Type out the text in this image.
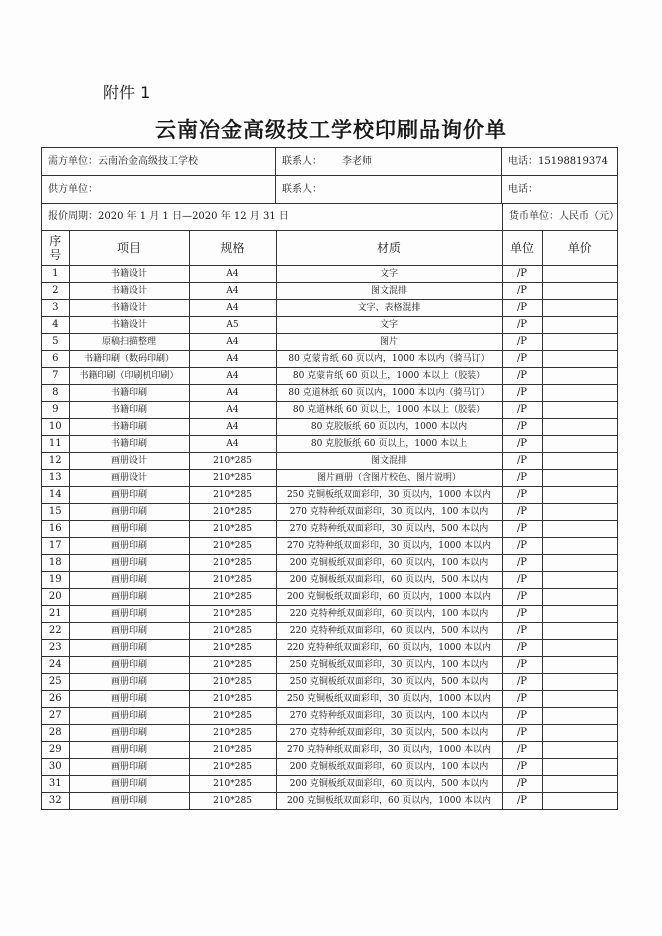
附件 1
云南冶金高级技工学校印刷品询价单
需方单位：云南冶金高级技工学校	联系人： 李老师	电话：15198819374
供方单位：	联系人：	电话：
报价周期：2020 年 1 月 1 日—2020 年 12 月 31 日	货币单位：人民币（元）
序号	项目	规格	材质	单位	单价
1	书籍设计	A4	文字	/P	
2	书籍设计	A4	图文混排	/P	
3	书籍设计	A4	文字、表格混排	/P	
4	书籍设计	A5	文字	/P	
5	原稿扫描整理	A4	图片	/P	
6	书籍印刷（数码印刷）	A4	80 克蒙肯纸 60 页以内，1000 本以内（骑马订）	/P	
7	书籍印刷（印刷机印刷）	A4	80 克蒙肯纸 60 页以上，1000 本以上（胶装）	/P	
8	书籍印刷	A4	80 克道林纸 60 页以内，1000 本以内（骑马订）	/P	
9	书籍印刷	A4	80 克道林纸 60 页以上，1000 本以上（胶装）	/P	
10	书籍印刷	A4	80 克胶版纸 60 页以内，1000 本以内	/P	
11	书籍印刷	A4	80 克胶版纸 60 页以上，1000 本以上	/P	
12	画册设计	210*285	图文混排	/P	
13	画册设计	210*285	图片画册（含图片校色、图片说明）	/P	
14	画册印刷	210*285	250 克铜板纸双面彩印，30 页以内，1000 本以内	/P	
15	画册印刷	210*285	270 克特种纸双面彩印，30 页以内，100 本以内	/P	
16	画册印刷	210*285	270 克特种纸双面彩印，30 页以内，500 本以内	/P	
17	画册印刷	210*285	270 克特种纸双面彩印，30 页以内，1000 本以内	/P	
18	画册印刷	210*285	200 克铜板纸双面彩印，60 页以内，100 本以内	/P	
19	画册印刷	210*285	200 克铜板纸双面彩印，60 页以内，500 本以内	/P	
20	画册印刷	210*285	200 克铜板纸双面彩印，60 页以内，1000 本以内	/P	
21	画册印刷	210*285	220 克特种纸双面彩印，60 页以内，100 本以内	/P	
22	画册印刷	210*285	220 克特种纸双面彩印，60 页以内，500 本以内	/P	
23	画册印刷	210*285	220 克特种纸双面彩印，60 页以内，1000 本以内	/P	
24	画册印刷	210*285	250 克铜板纸双面彩印，30 页以内，100 本以内	/P	
25	画册印刷	210*285	250 克铜板纸双面彩印，30 页以内，500 本以内	/P	
26	画册印刷	210*285	250 克铜板纸双面彩印，30 页以内，1000 本以内	/P	
27	画册印刷	210*285	270 克特种纸双面彩印，30 页以内，100 本以内	/P	
28	画册印刷	210*285	270 克特种纸双面彩印，30 页以内，500 本以内	/P	
29	画册印刷	210*285	270 克特种纸双面彩印，30 页以内，1000 本以内	/P	
30	画册印刷	210*285	200 克铜板纸双面彩印，60 页以内，100 本以内	/P	
31	画册印刷	210*285	200 克铜板纸双面彩印，60 页以内，500 本以内	/P	
32	画册印刷	210*285	200 克铜板纸双面彩印，60 页以内，1000 本以内	/P	
